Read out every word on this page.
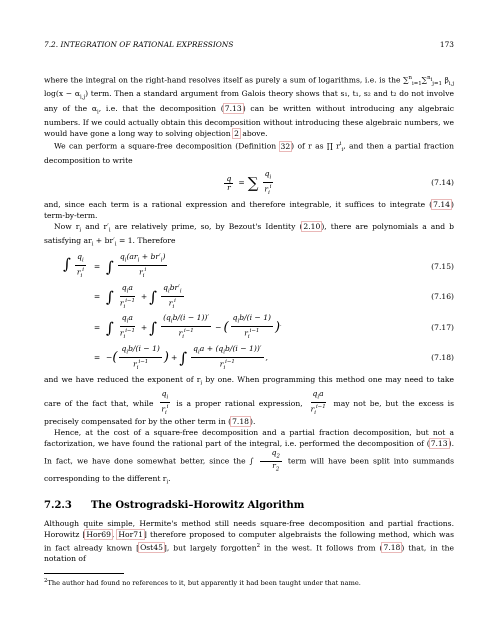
7.2. INTEGRATION OF RATIONAL EXPRESSIONS	173

where the integral on the right-hand resolves itself as purely a sum of logarithms, i.e. is the ∑$^n_{i=1}$∑$^{n_i}_{j=1}$ $\beta_{i,j}$ $\log(x - \alpha_{i,j})$ term. Then a standard argument from Galois theory shows that s₁, t₁, s₂ and t₂ do not involve any of the $\alpha_i$, i.e. that the decomposition (7.13) can be written without introducing any algebraic numbers. If we could actually obtain this decomposition without introducing these algebraic numbers, we would have gone a long way to solving objection 2 above.

We can perform a square-free decomposition (Definition 32) of r as ∏ $r^i_i$, and then a partial fraction decomposition to write

$\frac{q}{r}$ = ∑ $\frac{q_i}{r_i^i}$	(7.14)

and, since each term is a rational expression and therefore integrable, it suffices to integrate (7.14) term-by-term.

Now $r_i$ and $r'_i$ are relatively prime, so, by Bezout's Identity (2.10), there are polynomials a and b satisfying $ar_i + br'_i = 1$. Therefore

∫ $\frac{q_i}{r_i^i}$	= ∫ $\frac{q_i(ar_i + br'_i)}{r_i^i}$	(7.15)
= ∫ $\frac{q_ia}{r_i^{i-1}}$ + ∫ $\frac{q_ibr'_i}{r_i^i}$	(7.16)
= ∫ $\frac{q_ia}{r_i^{i-1}}$ + ∫ $\frac{(q_ib/(i - 1))'}{r_i^{i-1}}$ − ( $\frac{q_ib/(i - 1)}{r_i^{i-1}}$ ) ′	(7.17)
= − ( $\frac{q_ib/(i - 1)}{r_i^{i-1}}$ ) + ∫ $\frac{q_ia + (q_ib/(i - 1))'}{r_i^{i-1}}$ ,	(7.18)

and we have reduced the exponent of $r_i$ by one. When programming this method one may need to take care of the fact that, while $\frac{q_i}{r_i^i}$ is a proper rational expression, $\frac{q_ia}{r_i^{i-1}}$ may not be, but the excess is precisely compensated for by the other term in (7.18).

Hence, at the cost of a square-free decomposition and a partial fraction decomposition, but not a factorization, we have found the rational part of the integral, i.e. performed the decomposition of (7.13). In fact, we have done somewhat better, since the ∫ $\frac{q_2}{r_2}$ term will have been split into summands corresponding to the different $r_i$.

7.2.3 The Ostrogradski–Horowitz Algorithm

Although quite simple, Hermite's method still needs square-free decomposition and partial fractions. Horowitz [Hor69, Hor71] therefore proposed to computer algebraists the following method, which was in fact already known [Ost45], but largely forgotten$^2$ in the west. It follows from (7.18) that, in the notation of

$^2$The author had found no references to it, but apparently it had been taught under that name.
